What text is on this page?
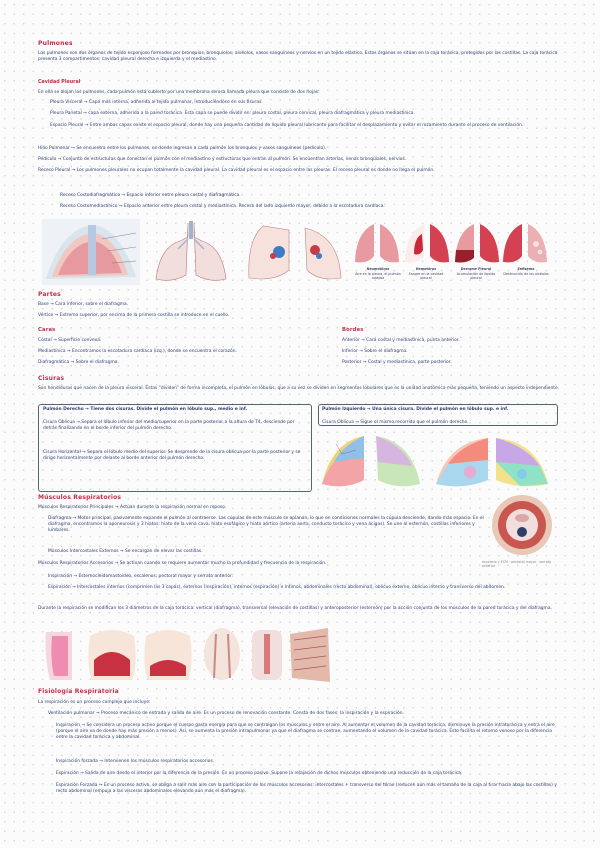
Pulmones
Los pulmones son dos órganos de tejido esponjoso formados por bronquios, bronquiolos, alvéolos, vasos sanguíneos y nervios en un tejido elástico. Estos órganos se sitúan en la caja torácica, protegidos por las costillas. La caja torácica presenta 3 compartimentos: cavidad pleural derecha e izquierda y el mediastino.
Cavidad Pleural
En ella se alojan los pulmones, cada pulmón está cubierto por una membrana serosa llamada pleura que consiste de dos hojas:
Pleura Visceral → Capa más interna, adherida al tejido pulmonar, introduciéndose en sus fisuras.
Pleura Parietal → capa externa, adherida a la pared torácica. Esta capa se puede dividir en: pleura costal, pleura cervical, pleura diafragmática y pleura mediastínica.
Espacio Pleural → Entre ambas capas existe el espacio pleural, donde hay una pequeña cantidad de líquido pleural lubricante para facilitar el desplazamiento y evitar el rozamiento durante el proceso de ventilación.
Hilio Pulmonar → Se encuentra entre los pulmones, es donde ingresan a cada pulmón los bronquios y vasos sanguíneos (pedículo).
Pedículo → Conjunto de estructuras que conectan el pulmón con el mediastino y estructuras que entran al pulmón. Se encuentran arterias, venas bronquiales, nervios.
Receso Pleural → Los pulmones pleurales no ocupan totalmente la cavidad pleural. La cavidad pleural es el espacio entre las pleuras. El receso pleural es donde no llega el pulmón.
Receso Costodiafragmático → Espacio inferior entre pleura costal y diafragmática.
Receso Costomediastínico → Espacio anterior entre pleura costal y mediastínica. Receso del lado izquierdo mayor, debido a la escotadura cardíaca.
Neumotórax	Hemotórax	Derrame Pleural	Enfisema
Aire en la pleura, el pulmón colapsa
Sangre en la cavidad pleural
Acumulación de líquido pleural
Destrucción de los alvéolos
Partes
Base → Cara inferior, sobre el diafragma.
Vértice → Extremo superior, por encima de la primera costilla se introduce en el cuello.
Caras
Costal → Superficie convexa.
Mediastínica → Encontramos la escotadura cardíaca (izq.), donde se encuentra el corazón.
Diafragmática → Sobre el diafragma.
Bordes
Anterior → Cara costal y mediastínica, punta anterior.
Inferior → Sobre el diafragma.
Posterior → Costal y mediastínica, parte posterior.
Cisuras
Son hendiduras que nacen de la pleura visceral. Estas “dividen” de forma incompleta, el pulmón en lóbulos, que a su vez se dividen en segmentos lobulares que es la unidad anatómica más pequeña, teniendo un aspecto independiente.
Pulmón Derecho → Tiene dos cisuras. Divide el pulmón en lóbulo sup., medio e inf.
Cisura Oblicua → Separa el lóbulo inferior del medio/superior en la parte posterior a la altura de T4, desciende por detrás finalizando en el borde inferior del pulmón derecho.
Cisura Horizontal → Separa el lóbulo medio del superior. Se desprende de la cisura oblicua por la parte posterior y se dirige horizontalmente por delante al borde anterior del pulmón derecho.
Pulmón Izquierdo → Una única cisura. Divide el pulmón en lóbulo sup. e inf.
Cisura Oblicua → Sigue el mismo recorrido que el pulmón derecho.
Músculos Respiratorios
Músculos Respiratorios Principales → Actúan durante la respiración normal en reposo.
Diafragma → Motor principal, pasivamente expande el pulmón al contraerse. Las cúpulas de este músculo se aplanan, lo que en condiciones normales la cúpula desciende, dando más espacio. En el diafragma, encontramos la aponeurosis y 3 hiatos: hiato de la vena cava, hiato esofágico y hiato aórtico (arteria aorta, conducto torácico y vena ácigos). Se une al esternón, costillas inferiores y lumbares.
Músculos Intercostales Externos → Se encargan de elevar las costillas.
Músculos Respiratorios Accesorios → Se activan cuando se requiere aumentar mucho la profundidad y frecuencia de la respiración.	escaleno y ECM · pectoral mayor · serrato anterior
Inspiración → Esternocleidomastoideo, escalenos, pectoral mayor y serrato anterior.
Espiración → Intercostales internos (comprimen las 3 capas), externos (inspiración), internos (espiración) e íntimos, abdominales (recto abdominal), oblicuo externo, oblicuo interno y transverso del abdomen.
Durante la respiración se modifican los 3 diámetros de la caja torácica: vertical (diafragma), transversal (elevación de costillas) y anteroposterior (esternón) por la acción conjunta de los músculos de la pared torácica y del diafragma.
Fisiología Respiratoria
La respiración es un proceso complejo que incluye:
Ventilación pulmonar → Proceso mecánico de entrada y salida de aire. Es un proceso de renovación constante. Consta de dos fases: la inspiración y la espiración.
Inspiración → Se considera un proceso activo porque el cuerpo gasta energía para que se contraigan los músculos y entre el aire. Al aumentar el volumen de la cavidad torácica, disminuye la presión intratorácica y entra el aire (porque el aire va de donde hay más presión a menos). Así, se aumenta la presión intrapulmonar ya que el diafragma se contrae, aumentando el volumen de la cavidad torácica. Esto facilita el retorno venoso por la diferencia entre la cavidad torácica y abdominal.
Inspiración forzada → Intervienen los músculos respiratorios accesorios.
Espiración → Salida de aire desde el interior por la diferencia de la presión. Es un proceso pasivo. Supone la relajación de dichos músculos obteniendo una reducción de la caja torácica.
Espiración Forzada → Es un proceso activo, se obliga a salir más aire con la participación de los músculos accesorios: intercostales + transverso del tórax (reducen aún más el tamaño de la caja al tirar hacia abajo las costillas) y recto abdominal (empuja a las vísceras abdominales elevando aún más el diafragma).
